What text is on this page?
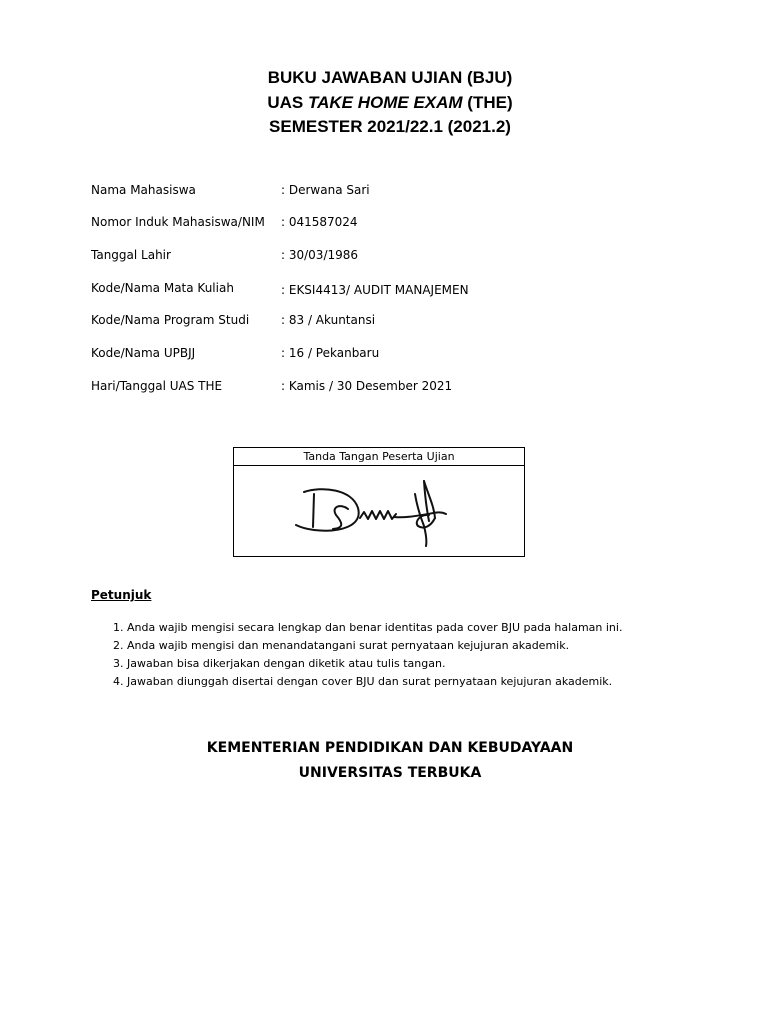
BUKU JAWABAN UJIAN (BJU)
UAS TAKE HOME EXAM (THE)
SEMESTER 2021/22.1 (2021.2)
Nama Mahasiswa	: Derwana Sari
Nomor Induk Mahasiswa/NIM : 041587024
Tanggal Lahir	: 30/03/1986
Kode/Nama Mata Kuliah	: EKSI4413/ AUDIT MANAJEMEN
Kode/Nama Program Studi	: 83 / Akuntansi
Kode/Nama UPBJJ	: 16 / Pekanbaru
Hari/Tanggal UAS THE	: Kamis / 30 Desember 2021
Tanda Tangan Peserta Ujian
Petunjuk
1. Anda wajib mengisi secara lengkap dan benar identitas pada cover BJU pada halaman ini.
2. Anda wajib mengisi dan menandatangani surat pernyataan kejujuran akademik.
3. Jawaban bisa dikerjakan dengan diketik atau tulis tangan.
4. Jawaban diunggah disertai dengan cover BJU dan surat pernyataan kejujuran akademik.
KEMENTERIAN PENDIDIKAN DAN KEBUDAYAAN
UNIVERSITAS TERBUKA
